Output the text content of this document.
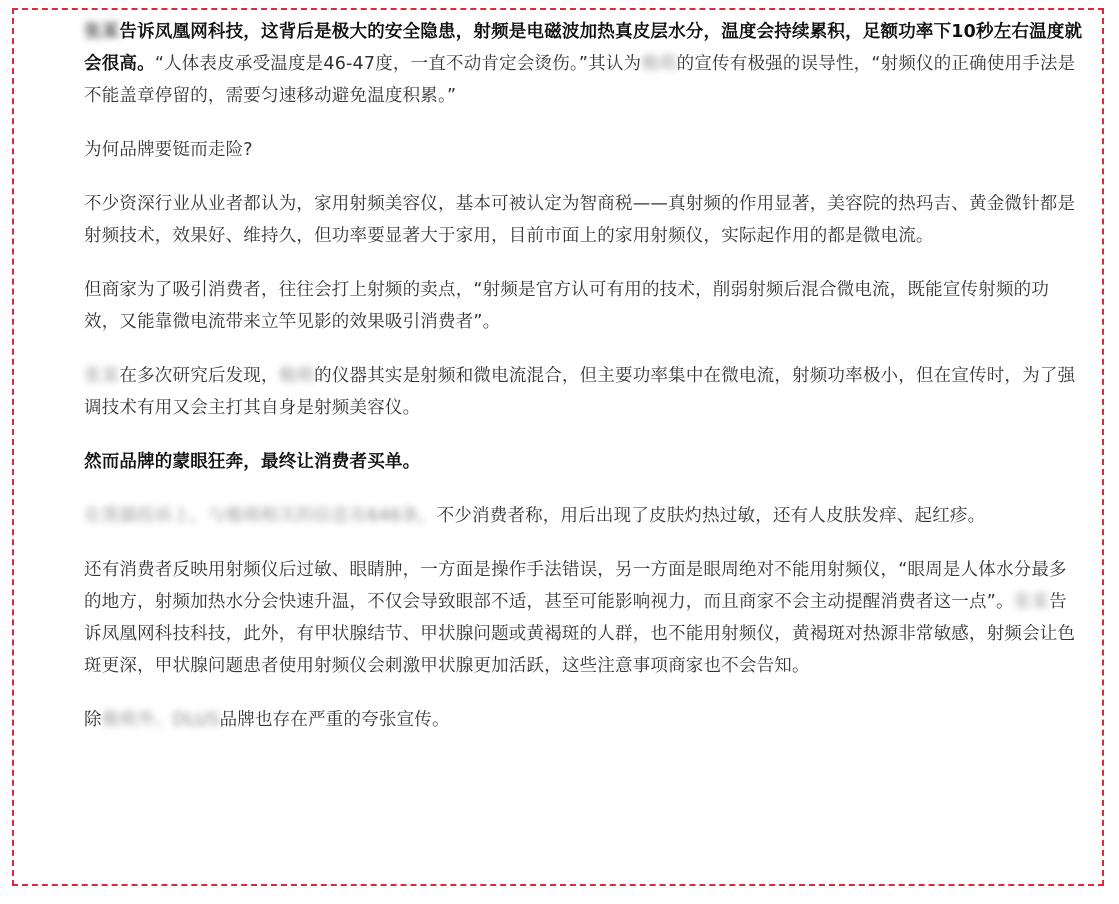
张某告诉凤凰网科技，这背后是极大的安全隐患，射频是电磁波加热真皮层水分，温度会持续累积，足额功率下10秒左右温度就会很高。“人体表皮承受温度是46-47度，一直不动肯定会烫伤。”其认为极萌的宣传有极强的误导性，“射频仪的正确使用手法是不能盖章停留的，需要匀速移动避免温度积累。”

为何品牌要铤而走险?

不少资深行业从业者都认为，家用射频美容仪，基本可被认定为智商税——真射频的作用显著，美容院的热玛吉、黄金微针都是射频技术，效果好、维持久，但功率要显著大于家用，目前市面上的家用射频仪，实际起作用的都是微电流。

但商家为了吸引消费者，往往会打上射频的卖点，“射频是官方认可有用的技术，削弱射频后混合微电流，既能宣传射频的功效，又能靠微电流带来立竿见影的效果吸引消费者”。

张某在多次研究后发现，极萌的仪器其实是射频和微电流混合，但主要功率集中在微电流，射频功率极小，但在宣传时，为了强调技术有用又会主打其自身是射频美容仪。

然而品牌的蒙眼狂奔，最终让消费者买单。

在黑猫投诉上，与极萌相关的信息有646条，不少消费者称，用后出现了皮肤灼热过敏，还有人皮肤发痒、起红疹。

还有消费者反映用射频仪后过敏、眼睛肿，一方面是操作手法错误，另一方面是眼周绝对不能用射频仪，“眼周是人体水分最多的地方，射频加热水分会快速升温，不仅会导致眼部不适，甚至可能影响视力，而且商家不会主动提醒消费者这一点”。张某告诉凤凰网科技科技，此外，有甲状腺结节、甲状腺问题或黄褐斑的人群，也不能用射频仪，黄褐斑对热源非常敏感，射频会让色斑更深，甲状腺问题患者使用射频仪会刺激甲状腺更加活跃，这些注意事项商家也不会告知。

除极萌外、DLUS品牌也存在严重的夸张宣传。
